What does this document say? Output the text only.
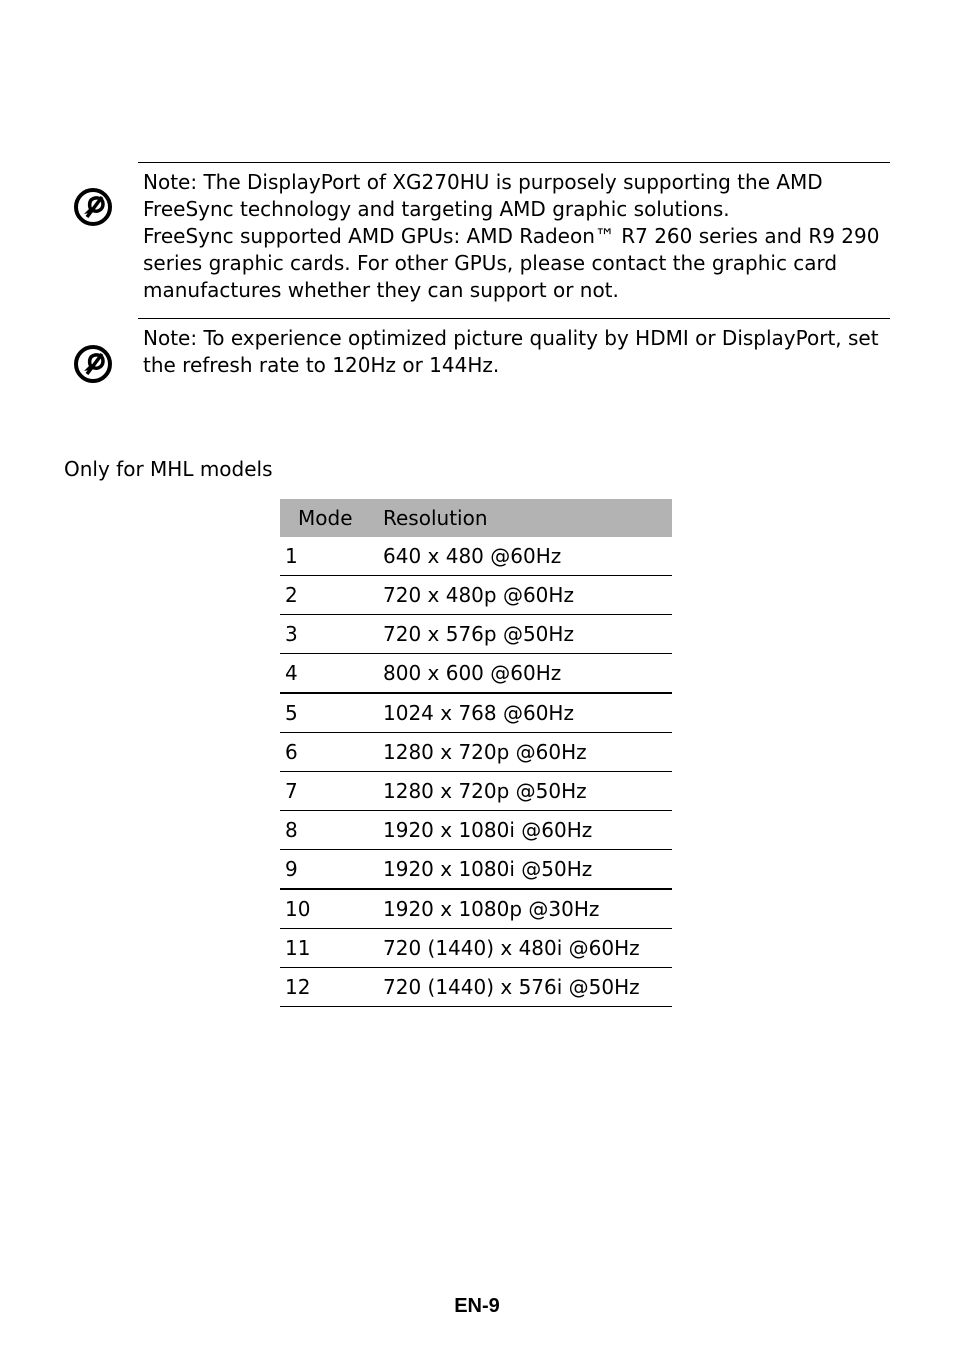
Note: The DisplayPort of XG270HU is purposely supporting the AMD FreeSync technology and targeting AMD graphic solutions.
FreeSync supported AMD GPUs: AMD Radeon™ R7 260 series and R9 290 series graphic cards. For other GPUs, please contact the graphic card manufactures whether they can support or not.

Note: To experience optimized picture quality by HDMI or DisplayPort, set the refresh rate to 120Hz or 144Hz.

Only for MHL models

Mode	Resolution
1	640 x 480 @60Hz
2	720 x 480p @60Hz
3	720 x 576p @50Hz
4	800 x 600 @60Hz
5	1024 x 768 @60Hz
6	1280 x 720p @60Hz
7	1280 x 720p @50Hz
8	1920 x 1080i @60Hz
9	1920 x 1080i @50Hz
10	1920 x 1080p @30Hz
11	720 (1440) x 480i @60Hz
12	720 (1440) x 576i @50Hz

EN-9
